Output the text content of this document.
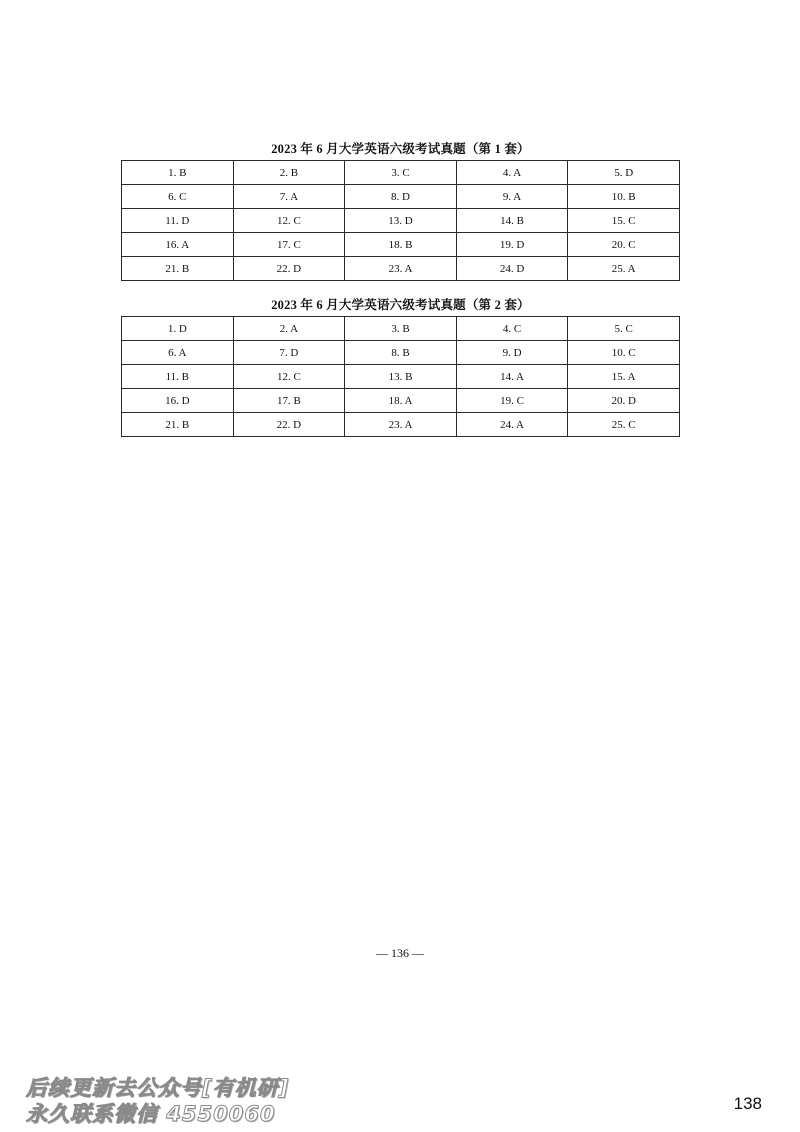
2023 年 6 月大学英语六级考试真题（第 1 套）
1. B	2. B	3. C	4. A	5. D
6. C	7. A	8. D	9. A	10. B
11. D	12. C	13. D	14. B	15. C
16. A	17. C	18. B	19. D	20. C
21. B	22. D	23. A	24. D	25. A
2023 年 6 月大学英语六级考试真题（第 2 套）
1. D	2. A	3. B	4. C	5. C
6. A	7. D	8. B	9. D	10. C
11. B	12. C	13. B	14. A	15. A
16. D	17. B	18. A	19. C	20. D
21. B	22. D	23. A	24. A	25. C
— 136 —
后续更新去公众号[有机研]
永久联系微信 4550060	138
